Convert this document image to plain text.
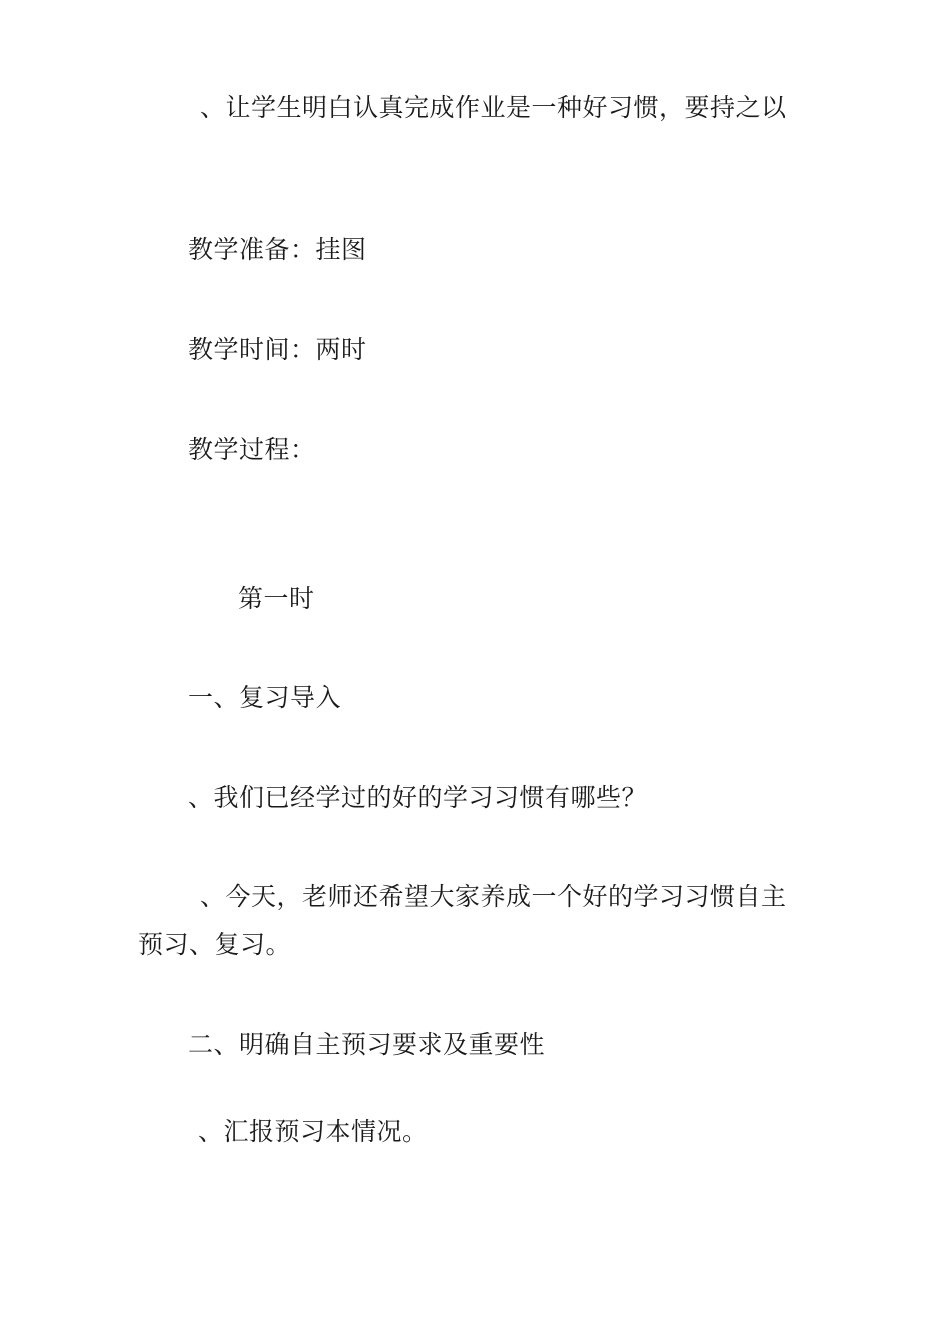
、让学生明白认真完成作业是一种好习惯，要持之以
教学准备：挂图
教学时间：两时
教学过程：
第一时
一、复习导入
、我们已经学过的好的学习习惯有哪些？
、今天，老师还希望大家养成一个好的学习习惯自主预习、复习。
二、明确自主预习要求及重要性
、汇报预习本情况。
